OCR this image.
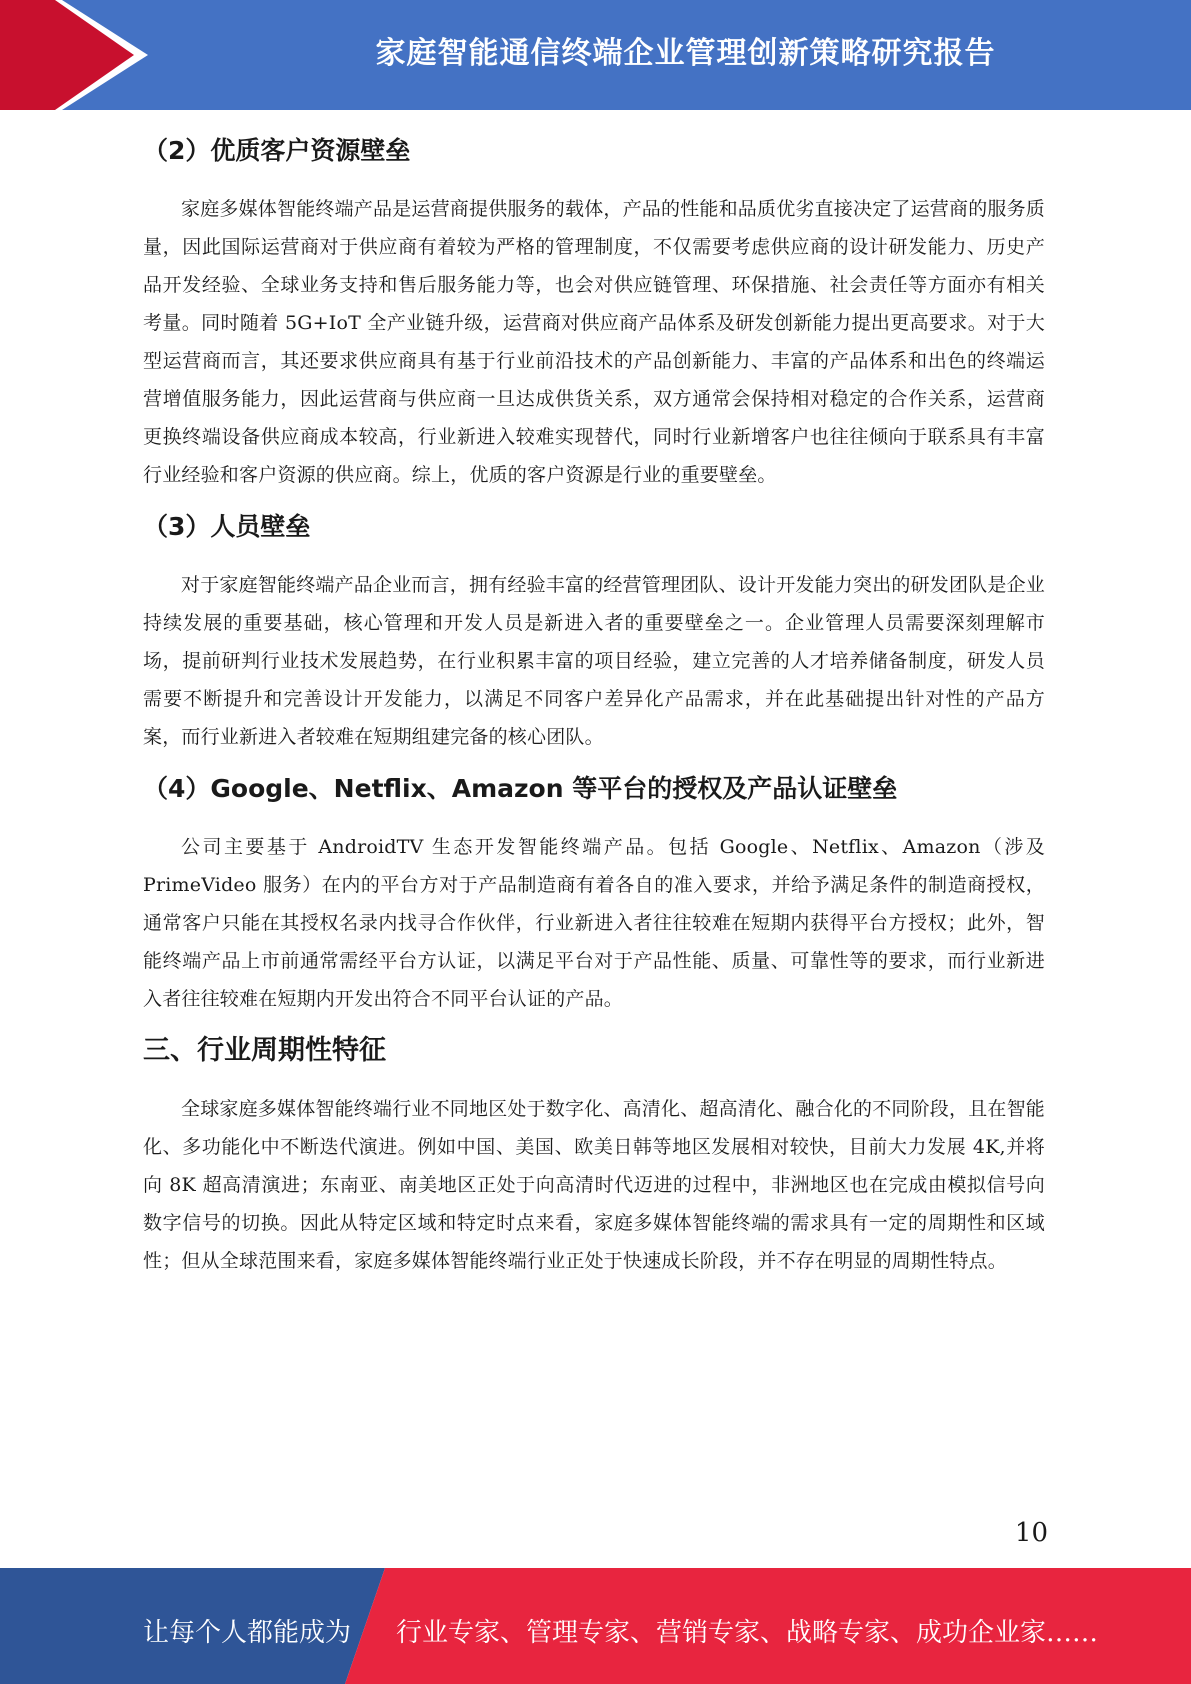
家庭智能通信终端企业管理创新策略研究报告
（2）优质客户资源壁垒

家庭多媒体智能终端产品是运营商提供服务的载体，产品的性能和品质优劣直接决定了运营商的服务质量，因此国际运营商对于供应商有着较为严格的管理制度，不仅需要考虑供应商的设计研发能力、历史产品开发经验、全球业务支持和售后服务能力等，也会对供应链管理、环保措施、社会责任等方面亦有相关考量。同时随着 5G+IoT 全产业链升级，运营商对供应商产品体系及研发创新能力提出更高要求。对于大型运营商而言，其还要求供应商具有基于行业前沿技术的产品创新能力、丰富的产品体系和出色的终端运营增值服务能力，因此运营商与供应商一旦达成供货关系，双方通常会保持相对稳定的合作关系，运营商更换终端设备供应商成本较高，行业新进入较难实现替代，同时行业新增客户也往往倾向于联系具有丰富行业经验和客户资源的供应商。综上，优质的客户资源是行业的重要壁垒。

（3）人员壁垒

对于家庭智能终端产品企业而言，拥有经验丰富的经营管理团队、设计开发能力突出的研发团队是企业持续发展的重要基础，核心管理和开发人员是新进入者的重要壁垒之一。企业管理人员需要深刻理解市场，提前研判行业技术发展趋势，在行业积累丰富的项目经验，建立完善的人才培养储备制度，研发人员需要不断提升和完善设计开发能力，以满足不同客户差异化产品需求，并在此基础提出针对性的产品方案，而行业新进入者较难在短期组建完备的核心团队。

（4）Google、Netflix、Amazon 等平台的授权及产品认证壁垒

公司主要基于 AndroidTV 生态开发智能终端产品。包括 Google、Netflix、Amazon（涉及 PrimeVideo 服务）在内的平台方对于产品制造商有着各自的准入要求，并给予满足条件的制造商授权，通常客户只能在其授权名录内找寻合作伙伴，行业新进入者往往较难在短期内获得平台方授权；此外，智能终端产品上市前通常需经平台方认证，以满足平台对于产品性能、质量、可靠性等的要求，而行业新进入者往往较难在短期内开发出符合不同平台认证的产品。

三、行业周期性特征

全球家庭多媒体智能终端行业不同地区处于数字化、高清化、超高清化、融合化的不同阶段，且在智能化、多功能化中不断迭代演进。例如中国、美国、欧美日韩等地区发展相对较快，目前大力发展 4K,并将向 8K 超高清演进；东南亚、南美地区正处于向高清时代迈进的过程中，非洲地区也在完成由模拟信号向数字信号的切换。因此从特定区域和特定时点来看，家庭多媒体智能终端的需求具有一定的周期性和区域性；但从全球范围来看，家庭多媒体智能终端行业正处于快速成长阶段，并不存在明显的周期性特点。

10
让每个人都能成为 行业专家、管理专家、营销专家、战略专家、成功企业家……
